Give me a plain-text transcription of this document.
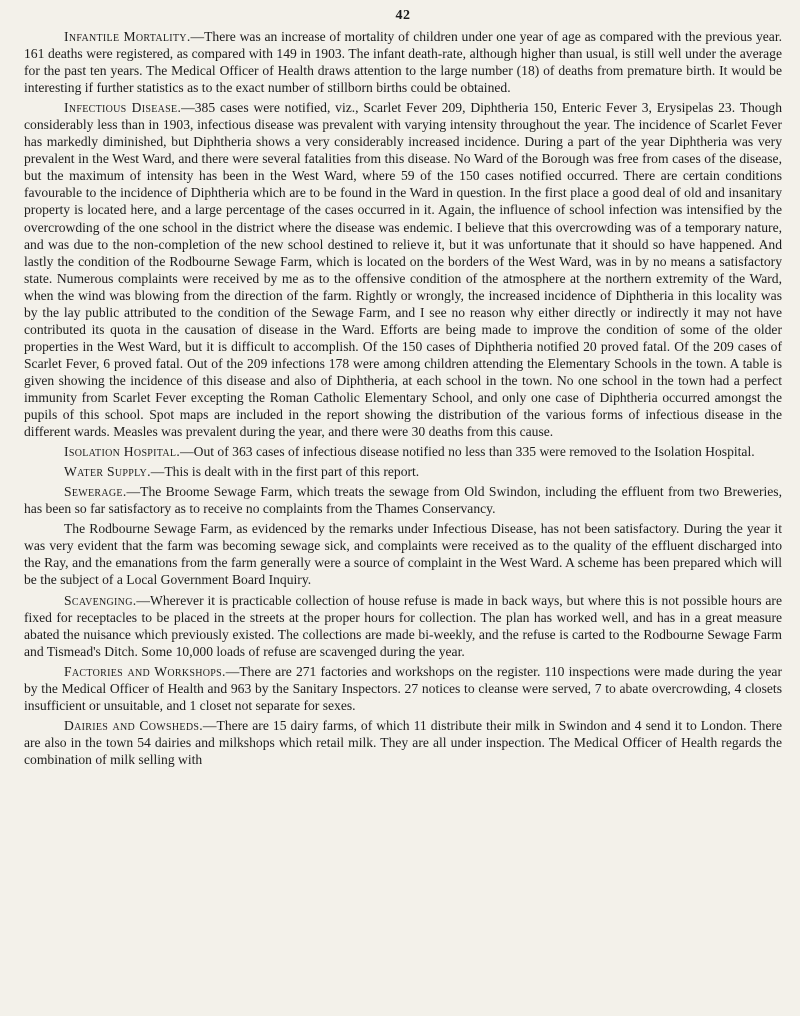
42

Infantile Mortality.—There was an increase of mortality of children under one year of age as compared with the previous year. 161 deaths were registered, as compared with 149 in 1903. The infant death-rate, although higher than usual, is still well under the average for the past ten years. The Medical Officer of Health draws attention to the large number (18) of deaths from premature birth. It would be interesting if further statistics as to the exact number of stillborn births could be obtained.

Infectious Disease.—385 cases were notified, viz., Scarlet Fever 209, Diphtheria 150, Enteric Fever 3, Erysipelas 23. Though considerably less than in 1903, infectious disease was prevalent with varying intensity throughout the year. The incidence of Scarlet Fever has markedly diminished, but Diphtheria shows a very considerably increased incidence. During a part of the year Diphtheria was very prevalent in the West Ward, and there were several fatalities from this disease. No Ward of the Borough was free from cases of the disease, but the maximum of intensity has been in the West Ward, where 59 of the 150 cases notified occurred. There are certain conditions favourable to the incidence of Diphtheria which are to be found in the Ward in question. In the first place a good deal of old and insanitary property is located here, and a large percentage of the cases occurred in it. Again, the influence of school infection was intensified by the overcrowding of the one school in the district where the disease was endemic. I believe that this overcrowding was of a temporary nature, and was due to the non-completion of the new school destined to relieve it, but it was unfortunate that it should so have happened. And lastly the condition of the Rodbourne Sewage Farm, which is located on the borders of the West Ward, was in by no means a satisfactory state. Numerous complaints were received by me as to the offensive condition of the atmosphere at the northern extremity of the Ward, when the wind was blowing from the direction of the farm. Rightly or wrongly, the increased incidence of Diphtheria in this locality was by the lay public attributed to the condition of the Sewage Farm, and I see no reason why either directly or indirectly it may not have contributed its quota in the causation of disease in the Ward. Efforts are being made to improve the condition of some of the older properties in the West Ward, but it is difficult to accomplish. Of the 150 cases of Diphtheria notified 20 proved fatal. Of the 209 cases of Scarlet Fever, 6 proved fatal. Out of the 209 infections 178 were among children attending the Elementary Schools in the town. A table is given showing the incidence of this disease and also of Diphtheria, at each school in the town. No one school in the town had a perfect immunity from Scarlet Fever excepting the Roman Catholic Elementary School, and only one case of Diphtheria occurred amongst the pupils of this school. Spot maps are included in the report showing the distribution of the various forms of infectious disease in the different wards. Measles was prevalent during the year, and there were 30 deaths from this cause.

Isolation Hospital.—Out of 363 cases of infectious disease notified no less than 335 were removed to the Isolation Hospital.

Water Supply.—This is dealt with in the first part of this report.

Sewerage.—The Broome Sewage Farm, which treats the sewage from Old Swindon, including the effluent from two Breweries, has been so far satisfactory as to receive no complaints from the Thames Conservancy.

The Rodbourne Sewage Farm, as evidenced by the remarks under Infectious Disease, has not been satisfactory. During the year it was very evident that the farm was becoming sewage sick, and complaints were received as to the quality of the effluent discharged into the Ray, and the emanations from the farm generally were a source of complaint in the West Ward. A scheme has been prepared which will be the subject of a Local Government Board Inquiry.

Scavenging.—Wherever it is practicable collection of house refuse is made in back ways, but where this is not possible hours are fixed for receptacles to be placed in the streets at the proper hours for collection. The plan has worked well, and has in a great measure abated the nuisance which previously existed. The collections are made bi-weekly, and the refuse is carted to the Rodbourne Sewage Farm and Tismead's Ditch. Some 10,000 loads of refuse are scavenged during the year.

Factories and Workshops.—There are 271 factories and workshops on the register. 110 inspections were made during the year by the Medical Officer of Health and 963 by the Sanitary Inspectors. 27 notices to cleanse were served, 7 to abate overcrowding, 4 closets insufficient or unsuitable, and 1 closet not separate for sexes.

Dairies and Cowsheds.—There are 15 dairy farms, of which 11 distribute their milk in Swindon and 4 send it to London. There are also in the town 54 dairies and milkshops which retail milk. They are all under inspection. The Medical Officer of Health regards the combination of milk selling with
